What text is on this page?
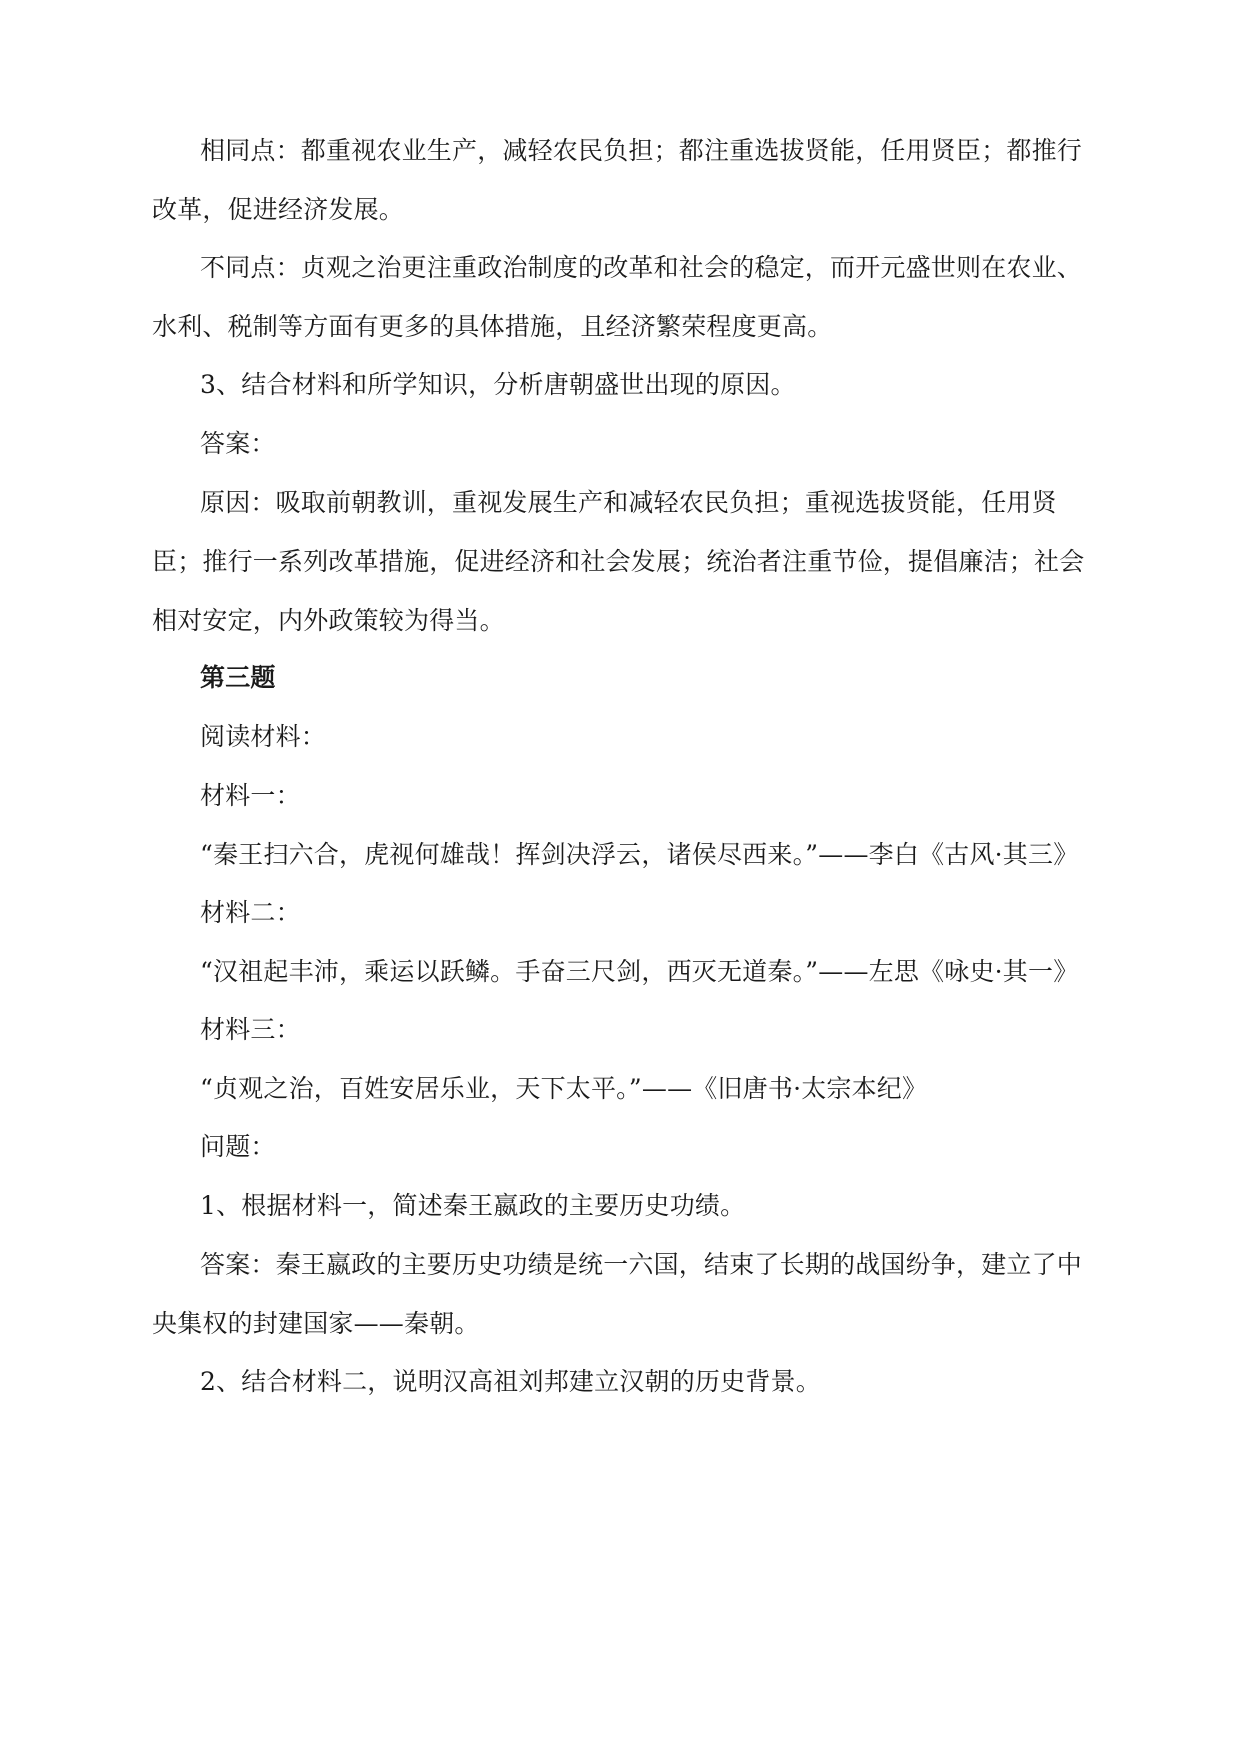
相同点：都重视农业生产，减轻农民负担；都注重选拔贤能，任用贤臣；都推行改革，促进经济发展。

不同点：贞观之治更注重政治制度的改革和社会的稳定，而开元盛世则在农业、水利、税制等方面有更多的具体措施，且经济繁荣程度更高。

3、结合材料和所学知识，分析唐朝盛世出现的原因。

答案：

原因：吸取前朝教训，重视发展生产和减轻农民负担；重视选拔贤能，任用贤臣；推行一系列改革措施，促进经济和社会发展；统治者注重节俭，提倡廉洁；社会相对安定，内外政策较为得当。

第三题

阅读材料：

材料一：

“秦王扫六合，虎视何雄哉！挥剑决浮云，诸侯尽西来。”——李白《古风·其三》

材料二：

“汉祖起丰沛，乘运以跃鳞。手奋三尺剑，西灭无道秦。”——左思《咏史·其一》

材料三：

“贞观之治，百姓安居乐业，天下太平。”——《旧唐书·太宗本纪》

问题：

1、根据材料一，简述秦王嬴政的主要历史功绩。

答案：秦王嬴政的主要历史功绩是统一六国，结束了长期的战国纷争，建立了中央集权的封建国家——秦朝。

2、结合材料二，说明汉高祖刘邦建立汉朝的历史背景。
